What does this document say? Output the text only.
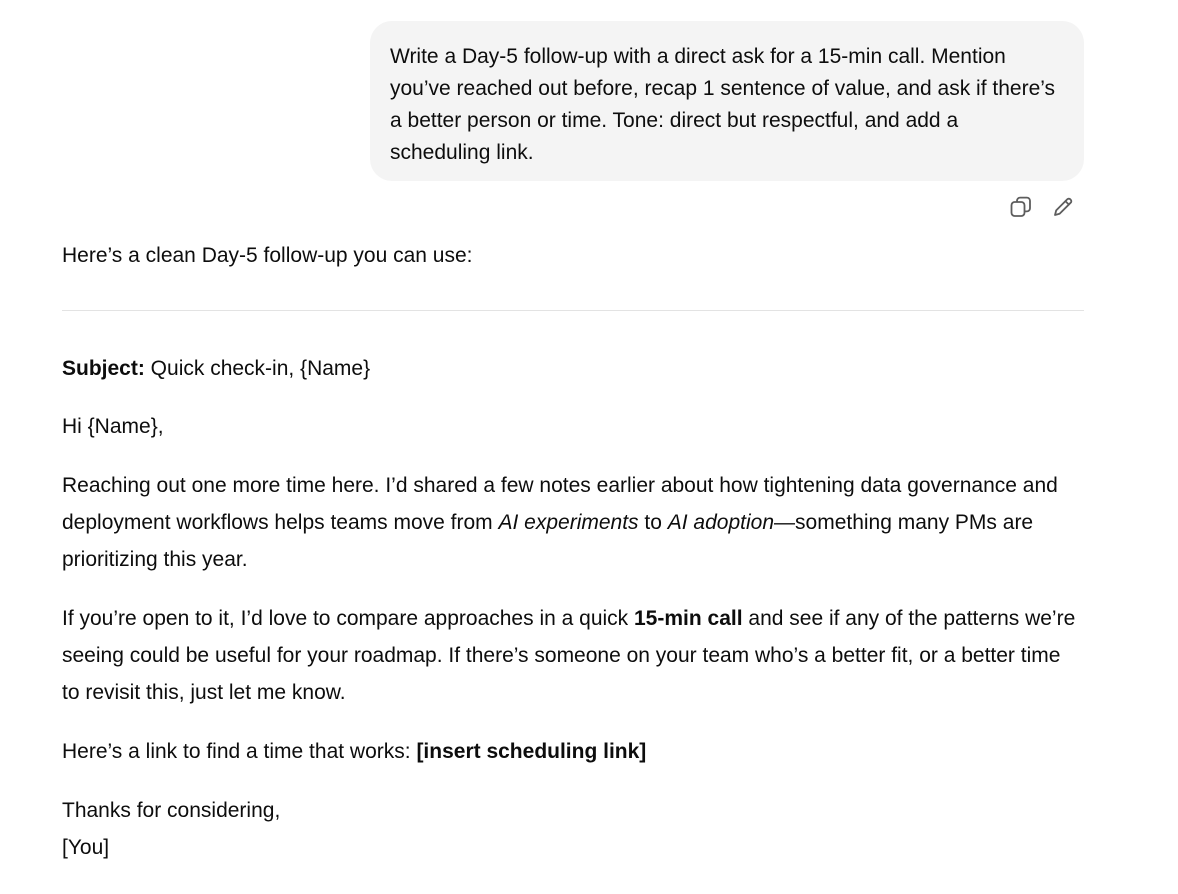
Write a Day-5 follow-up with a direct ask for a 15-min call. Mention you’ve reached out before, recap 1 sentence of value, and ask if there’s a better person or time. Tone: direct but respectful, and add a scheduling link.
Here’s a clean Day-5 follow-up you can use:

Subject: Quick check-in, {Name}

Hi {Name},

Reaching out one more time here. I’d shared a few notes earlier about how tightening data governance and deployment workflows helps teams move from AI experiments to AI adoption—something many PMs are prioritizing this year.

If you’re open to it, I’d love to compare approaches in a quick 15-min call and see if any of the patterns we’re seeing could be useful for your roadmap. If there’s someone on your team who’s a better fit, or a better time to revisit this, just let me know.

Here’s a link to find a time that works: [insert scheduling link]

Thanks for considering,
[You]
